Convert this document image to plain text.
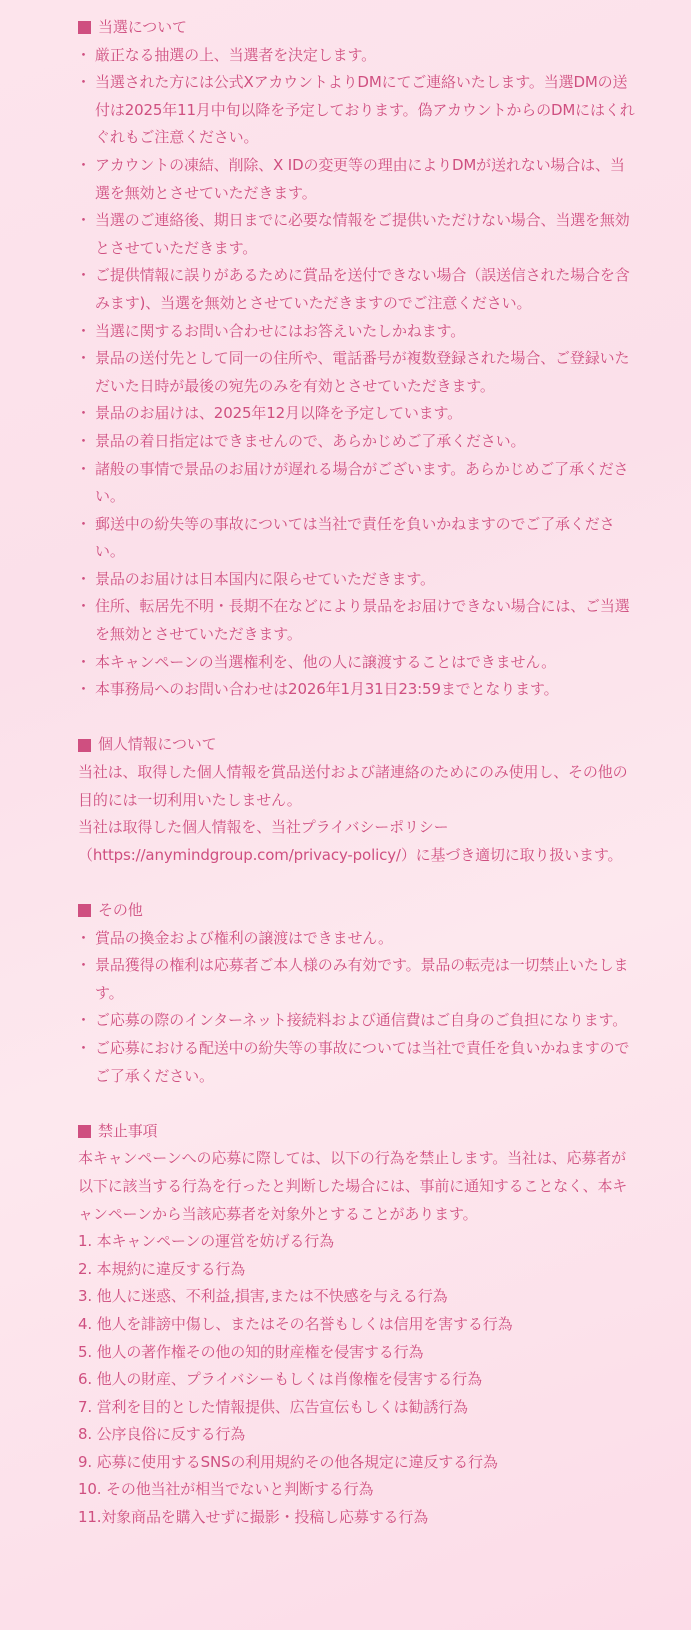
当選について
・ 厳正なる抽選の上、当選者を決定します。
・ 当選された方には公式XアカウントよりDMにてご連絡いたします。当選DMの送付は2025年11月中旬以降を予定しております。偽アカウントからのDMにはくれぐれもご注意ください。
・ アカウントの凍結、削除、X IDの変更等の理由によりDMが送れない場合は、当選を無効とさせていただきます。
・ 当選のご連絡後、期日までに必要な情報をご提供いただけない場合、当選を無効とさせていただきます。
・ ご提供情報に誤りがあるために賞品を送付できない場合（誤送信された場合を含みます)、当選を無効とさせていただきますのでご注意ください。
・ 当選に関するお問い合わせにはお答えいたしかねます。
・ 景品の送付先として同一の住所や、電話番号が複数登録された場合、ご登録いただいた日時が最後の宛先のみを有効とさせていただきます。
・ 景品のお届けは、2025年12月以降を予定しています。
・ 景品の着日指定はできませんので、あらかじめご了承ください。
・ 諸般の事情で景品のお届けが遅れる場合がございます。あらかじめご了承ください。
・ 郵送中の紛失等の事故については当社で責任を負いかねますのでご了承ください。
・ 景品のお届けは日本国内に限らせていただきます。
・ 住所、転居先不明・長期不在などにより景品をお届けできない場合には、ご当選を無効とさせていただきます。
・ 本キャンペーンの当選権利を、他の人に譲渡することはできません。
・ 本事務局へのお問い合わせは2026年1月31日23:59までとなります。
個人情報について

当社は、取得した個人情報を賞品送付および諸連絡のためにのみ使用し、その他の目的には一切利用いたしません。

当社は取得した個人情報を、当社プライバシーポリシー（https://anymindgroup.com/privacy-policy/）に基づき適切に取り扱います。

その他
・ 賞品の換金および権利の譲渡はできません。
・ 景品獲得の権利は応募者ご本人様のみ有効です。景品の転売は一切禁止いたします。
・ ご応募の際のインターネット接続料および通信費はご自身のご負担になります。
・ ご応募における配送中の紛失等の事故については当社で責任を負いかねますのでご了承ください。
禁止事項

本キャンペーンへの応募に際しては、以下の行為を禁止します。当社は、応募者が以下に該当する行為を行ったと判断した場合には、事前に通知することなく、本キャンペーンから当該応募者を対象外とすることがあります。

1. 本キャンペーンの運営を妨げる行為
2. 本規約に違反する行為
3. 他人に迷惑、不利益,損害,または不快感を与える行為
4. 他人を誹謗中傷し、またはその名誉もしくは信用を害する行為
5. 他人の著作権その他の知的財産権を侵害する行為
6. 他人の財産、プライバシーもしくは肖像権を侵害する行為
7. 営利を目的とした情報提供、広告宣伝もしくは勧誘行為
8. 公序良俗に反する行為
9. 応募に使用するSNSの利用規約その他各規定に違反する行為
10. その他当社が相当でないと判断する行為
11.対象商品を購入せずに撮影・投稿し応募する行為
